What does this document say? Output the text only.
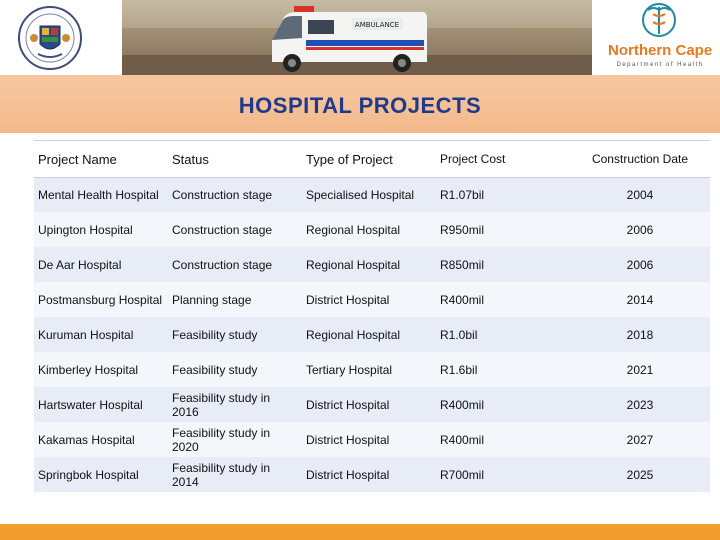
AMBULANCE
Northern Cape
Department of Health
HOSPITAL PROJECTS
Project Name	Status	Type of Project	Project Cost	Construction Date
Mental Health Hospital	Construction stage	Specialised Hospital	R1.07bil	2004
Upington Hospital	Construction stage	Regional Hospital	R950mil	2006
De Aar Hospital	Construction stage	Regional Hospital	R850mil	2006
Postmansburg Hospital	Planning stage	District Hospital	R400mil	2014
Kuruman Hospital	Feasibility study	Regional Hospital	R1.0bil	2018
Kimberley Hospital	Feasibility study	Tertiary Hospital	R1.6bil	2021
Hartswater Hospital	Feasibility study in 2016	District Hospital	R400mil	2023
Kakamas Hospital	Feasibility study in 2020	District Hospital	R400mil	2027
Springbok Hospital	Feasibility study in 2014	District Hospital	R700mil	2025
